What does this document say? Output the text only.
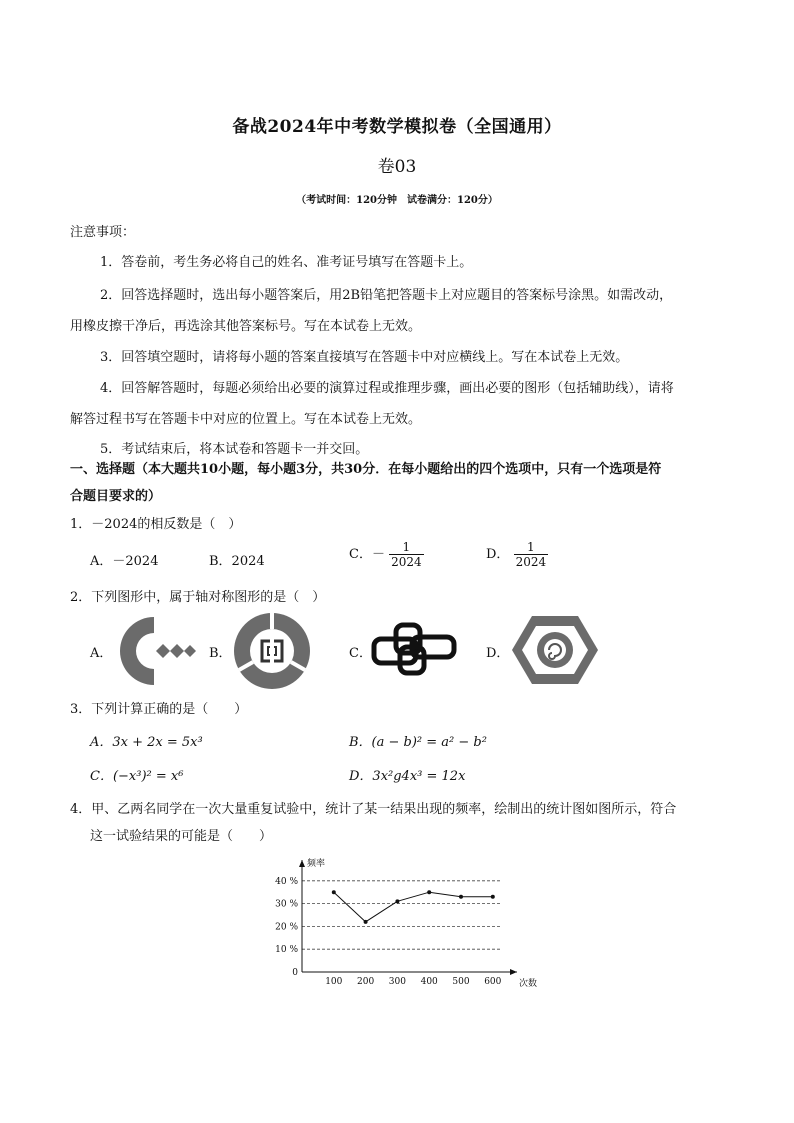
备战2024年中考数学模拟卷（全国通用）
卷03
（考试时间：120分钟　试卷满分：120分）
注意事项：
1．答卷前，考生务必将自己的姓名、准考证号填写在答题卡上。
2．回答选择题时，选出每小题答案后，用2B铅笔把答题卡上对应题目的答案标号涂黑。如需改动，
用橡皮擦干净后，再选涂其他答案标号。写在本试卷上无效。
3．回答填空题时，请将每小题的答案直接填写在答题卡中对应横线上。写在本试卷上无效。
4．回答解答题时，每题必须给出必要的演算过程或推理步骤，画出必要的图形（包括辅助线），请将
解答过程书写在答题卡中对应的位置上。写在本试卷上无效。
5．考试结束后，将本试卷和答题卡一并交回。
一、选择题（本大题共10小题，每小题3分，共30分．在每小题给出的四个选项中，只有一个选项是符
合题目要求的）
1．－2024的相反数是（　）
A．－2024	B．2024	C．－ $\frac{1}{2024}$	D． $\frac{1}{2024}$
2．下列图形中，属于轴对称图形的是（　）
A．	B．	C．	D．
3．下列计算正确的是（　　）
A．3x + 2x = 5x³	B．(a − b)² = a² − b²
C．(−x³)² = x⁶	D．3x²g4x³ = 12x
4．甲、乙两名同学在一次大量重复试验中，统计了某一结果出现的频率，绘制出的统计图如图所示，符合
这一试验结果的可能是（　　）
0
10 %
20 %
30 %
40 %
100 200 300 400 500 600
频率
次数
